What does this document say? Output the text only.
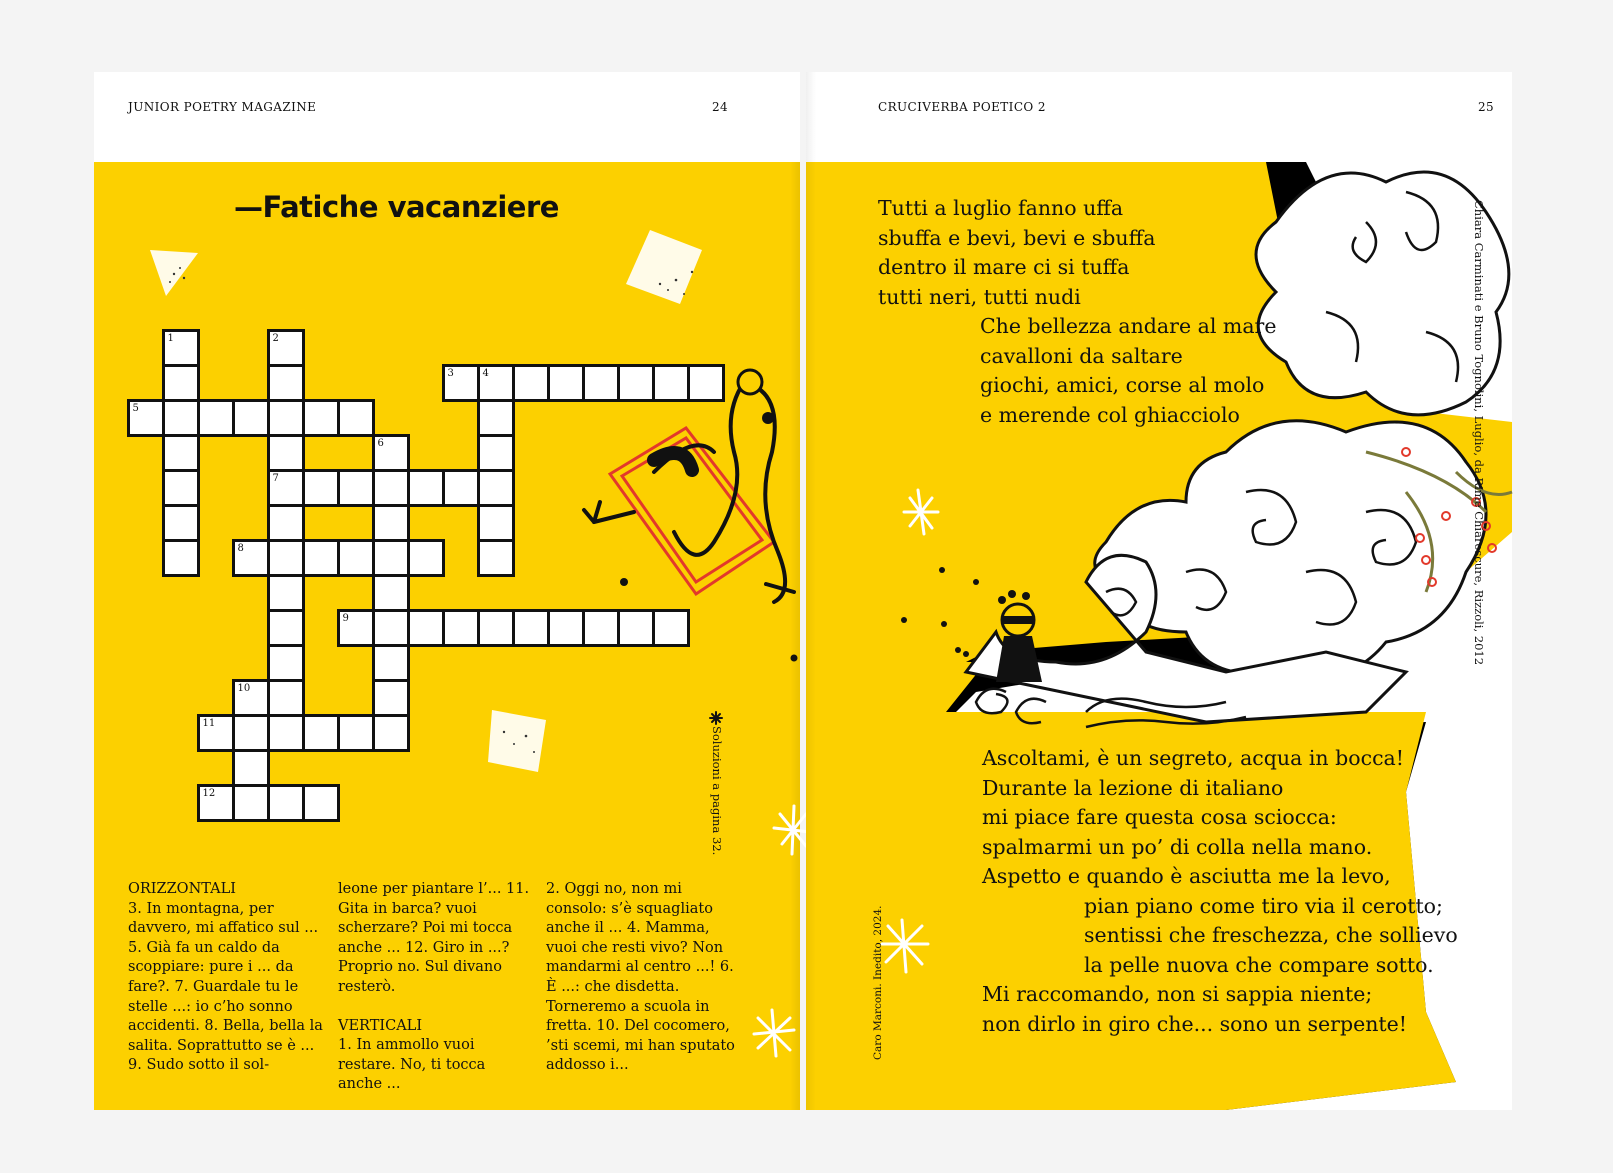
JUNIOR POETRY MAGAZINE	24
—Fatiche vacanziere
1	2
7
5
3	4
6
8
9
10
11
12	Soluzioni a pagina 32.

ORIZZONTALI

3. In montagna, per davvero, mi affatico sul ... 5. Già fa un caldo da scoppiare: pure i ... da fare?. 7. Guardale tu le stelle ...: io c’ho sonno accidenti. 8. Bella, bella la salita. Soprattutto se è ... 9. Sudo sotto il sol-

leone per piantare l’... 11. Gita in barca? vuoi scherzare? Poi mi tocca anche ... 12. Giro in ...? Proprio no. Sul divano resterò.

VERTICALI

1. In ammollo vuoi restare. No, ti tocca anche ...

2. Oggi no, non mi consolo: s’è squagliato anche il ... 4. Mamma, vuoi che resti vivo? Non mandarmi al centro ...! 6. È ...: che disdetta. Torneremo a scuola in fretta. 10. Del cocomero, ’sti scemi, mi han sputato addosso i...

CRUCIVERBA POETICO 2	25
Chiara Carminati e Bruno Tognolini, Luglio, da Rime Chiaroscure, Rizzoli, 2012
Caro Marconi. Inedito, 2024.
Tutti a luglio fanno uffa
sbuffa e bevi, bevi e sbuffa
dentro il mare ci si tuffa
tutti neri, tutti nudi
Che bellezza andare al mare
cavalloni da saltare
giochi, amici, corse al molo
e merende col ghiacciolo
Ascoltami, è un segreto, acqua in bocca!
Durante la lezione di italiano
mi piace fare questa cosa sciocca:
spalmarmi un po’ di colla nella mano.
Aspetto e quando è asciutta me la levo,
pian piano come tiro via il cerotto;
sentissi che freschezza, che sollievo
la pelle nuova che compare sotto.
Mi raccomando, non si sappia niente;
non dirlo in giro che... sono un serpente!
